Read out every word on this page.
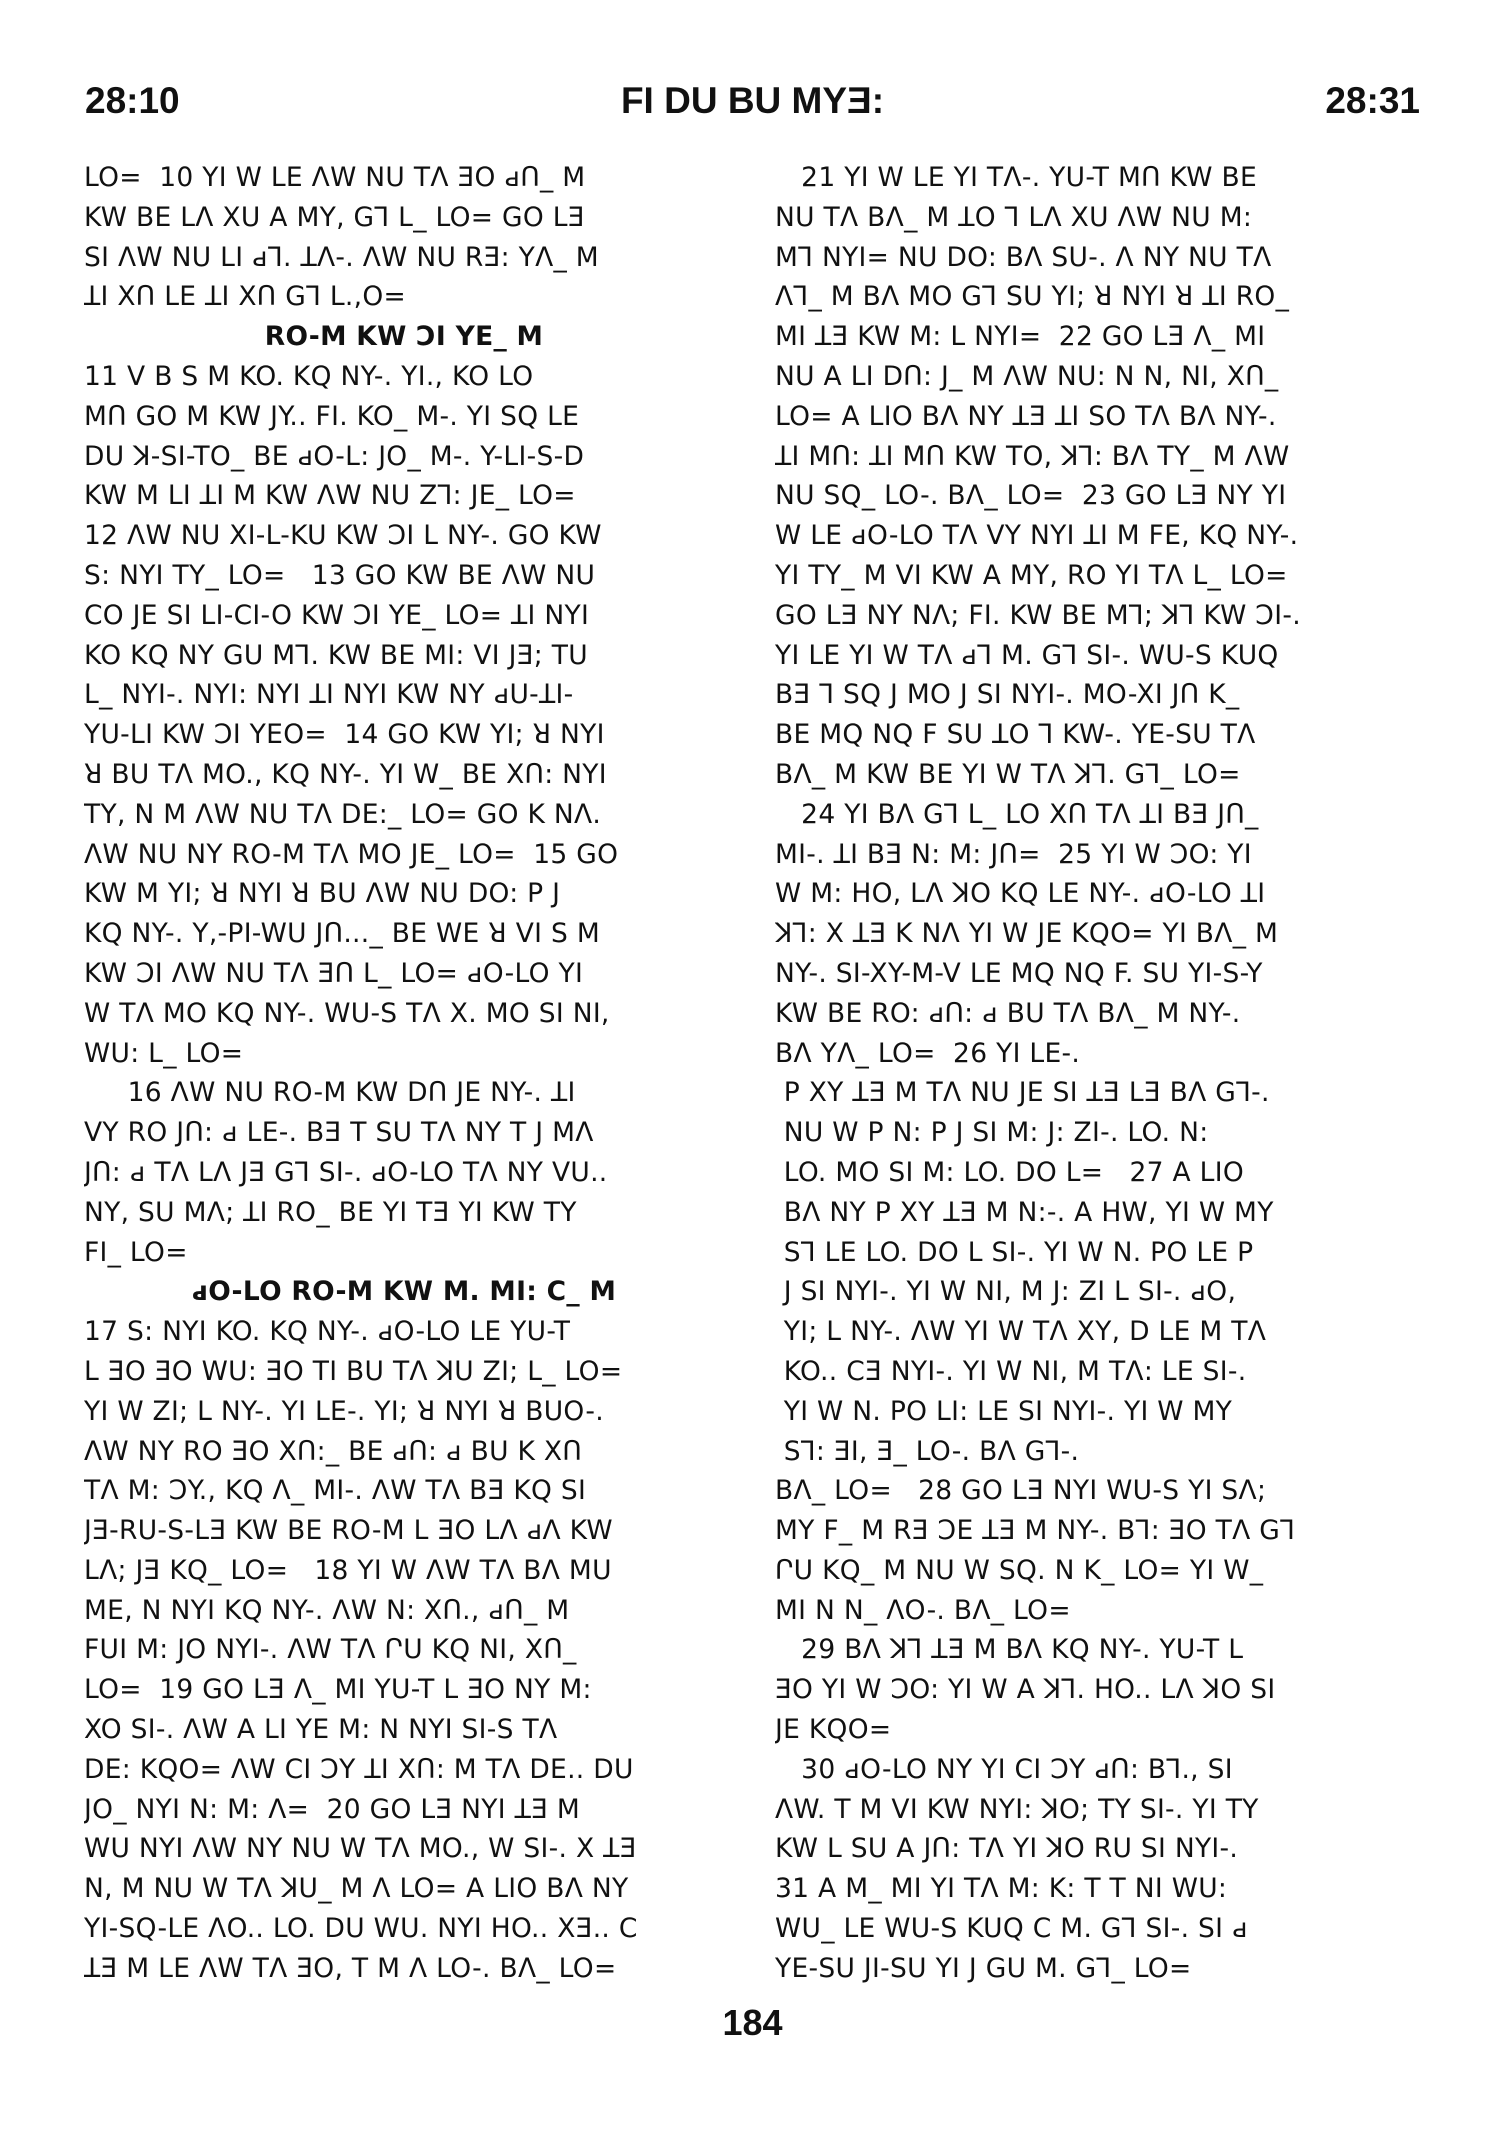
28:10	FI DU BU MYƎ:	28:31
LO=  10 YI W LE ɅW NU TɅ ƎO ԁՈ_ M
KW BE LɅ XU A MY, Gꓶ L_ LO= GO LƎ
SI ɅW NU LI ԁꓶ. ꓕɅ-. ɅW NU RƎ: YɅ_ M
ꓕI XՈ LE ꓕI XՈ Gꓶ L.,O=
RO-M KW ƆI YE_ M
11 V B S M KO. KQ NY-. YI., KO LO
MՈ GO M KW JY.. FI. KO_ M-. YI SQ LE
DU ꓘ-SI-TO_ BE ԁO-L: JO_ M-. Y-LI-S-D
KW M LI ꓕI M KW ɅW NU Zꓶ: JE_ LO=
12 ɅW NU XI-L-KU KW ƆI L NY-. GO KW
S: NYI TY_ LO=   13 GO KW BE ɅW NU
CO JE SI LI-CI-O KW ƆI YE_ LO= ꓕI NYI
KO KQ NY GU Mꓶ. KW BE MI: VI JƎ; TU
L_ NYI-. NYI: NYI ꓕI NYI KW NY ԁU-ꓕI-
YU-LI KW ƆI YEO=  14 GO KW YI; ꓤ NYI
ꓤ BU TɅ MO., KQ NY-. YI W_ BE XՈ: NYI
TY, N M ɅW NU TɅ DE:_ LO= GO K NɅ.
ɅW NU NY RO-M TɅ MO JE_ LO=  15 GO
KW M YI; ꓤ NYI ꓤ BU ɅW NU DO: P J
KQ NY-. Y,-PI-WU JՈ..._ BE WE ꓤ VI S M
KW ƆI ɅW NU TɅ ƎՈ L_ LO= ԁO-LO YI
W TɅ MO KQ NY-. WU-S TɅ X. MO SI NI,
WU: L_ LO=
16 ɅW NU RO-M KW DՈ JE NY-. ꓕI
VY RO JՈ: ԁ LE-. BƎ T SU TɅ NY T J MɅ
JՈ: ԁ TɅ LɅ JƎ Gꓶ SI-. ԁO-LO TɅ NY VU..
NY, SU MɅ; ꓕI RO_ BE YI TƎ YI KW TY
FI_ LO=
ԁO-LO RO-M KW M. MI: C_ M
17 S: NYI KO. KQ NY-. ԁO-LO LE YU-T
L ƎO ƎO WU: ƎO TI BU TɅ ꓘU ZI; L_ LO=
YI W ZI; L NY-. YI LE-. YI; ꓤ NYI ꓤ BUO-.
ɅW NY RO ƎO XՈ:_ BE ԁՈ: ԁ BU K XՈ
TɅ M: ƆY., KQ Ʌ_ MI-. ɅW TɅ BƎ KQ SI
JƎ-RU-S-LƎ KW BE RO-M L ƎO LɅ ԁɅ KW
LɅ; JƎ KQ_ LO=   18 YI W ɅW TɅ BɅ MU
ME, N NYI KQ NY-. ɅW N: XՈ., ԁՈ_ M
FUI M: JO NYI-. ɅW TɅ ՐU KQ NI, XՈ_
LO=  19 GO LƎ Ʌ_ MI YU-T L ƎO NY M:
XO SI-. ɅW A LI YE M: N NYI SI-S TɅ
DE: KQO= ɅW CI ƆY ꓕI XՈ: M TɅ DE.. DU
JO_ NYI N: M: Ʌ=  20 GO LƎ NYI ꓕƎ M
WU NYI ɅW NY NU W TɅ MO., W SI-. X ꓕƎ
N, M NU W TɅ ꓘU_ M Ʌ LO= A LIO BɅ NY
YI-SQ-LE ɅO.. LO. DU WU. NYI HO.. XƎ.. C
ꓕƎ M LE ɅW TɅ ƎO, T M Ʌ LO-. BɅ_ LO=
21 YI W LE YI TɅ-. YU-T MՈ KW BE
NU TɅ BɅ_ M ꓕO ꓶ LɅ XU ɅW NU M:
Mꓶ NYI= NU DO: BɅ SU-. Ʌ NY NU TɅ
Ʌꓶ_ M BɅ MO Gꓶ SU YI; ꓤ NYI ꓤ ꓕI RO_
MI ꓕƎ KW M: L NYI=  22 GO LƎ Ʌ_ MI
NU A LI DՈ: J_ M ɅW NU: N N, NI, XՈ_
LO= A LIO BɅ NY ꓕƎ ꓕI SO TɅ BɅ NY-.
ꓕI MՈ: ꓕI MՈ KW TO, ꓘꓶ: BɅ TY_ M ɅW
NU SQ_ LO-. BɅ_ LO=  23 GO LƎ NY YI
W LE ԁO-LO TɅ VY NYI ꓕI M FE, KQ NY-.
YI TY_ M VI KW A MY, RO YI TɅ L_ LO=
GO LƎ NY NɅ; FI. KW BE Mꓶ; ꓘꓶ KW ƆI-.
YI LE YI W TɅ ԁꓶ M. Gꓶ SI-. WU-S KUQ
BƎ ꓶ SQ J MO J SI NYI-. MO-XI JՈ K_
BE MQ NQ F SU ꓕO ꓶ KW-. YE-SU TɅ
BɅ_ M KW BE YI W TɅ ꓘꓶ. Gꓶ_ LO=
24 YI BɅ Gꓶ L_ LO XՈ TɅ ꓕI BƎ JՈ_
MI-. ꓕI BƎ N: M: JՈ=  25 YI W ƆO: YI
W M: HO, LɅ ꓘO KQ LE NY-. ԁO-LO ꓕI
ꓘꓶ: X ꓕƎ K NɅ YI W JE KQO= YI BɅ_ M
NY-. SI-XY-M-V LE MQ NQ F. SU YI-S-Y
KW BE RO: ԁՈ: ԁ BU TɅ BɅ_ M NY-.
BɅ YɅ_ LO=  26 YI LE-.
P XY ꓕƎ M TɅ NU JE SI ꓕƎ LƎ BɅ Gꓶ-.
NU W P N: P J SI M: J: ZI-. LO. N:
LO. MO SI M: LO. DO L=   27 A LIO
BɅ NY P XY ꓕƎ M N:-. A HW, YI W MY
Sꓶ LE LO. DO L SI-. YI W N. PO LE P
J SI NYI-. YI W NI, M J: ZI L SI-. ԁO,
YI; L NY-. ɅW YI W TɅ XY, D LE M TɅ
KO.. CƎ NYI-. YI W NI, M TɅ: LE SI-.
YI W N. PO LI: LE SI NYI-. YI W MY
Sꓶ: ƎI, Ǝ_ LO-. BɅ Gꓶ-.
BɅ_ LO=   28 GO LƎ NYI WU-S YI SɅ;
MY F_ M RƎ ƆE ꓕƎ M NY-. Bꓶ: ƎO TɅ Gꓶ
ՐU KQ_ M NU W SQ. N K_ LO= YI W_
MI N N_ ɅO-. BɅ_ LO=
29 BɅ ꓘꓶ ꓕƎ M BɅ KQ NY-. YU-T L
ƎO YI W ƆO: YI W A ꓘꓶ. HO.. LɅ ꓘO SI
JE KQO=
30 ԁO-LO NY YI CI ƆY ԁՈ: Bꓶ., SI
ɅW. T M VI KW NYI: ꓘO; TY SI-. YI TY
KW L SU A JՈ: TɅ YI ꓘO RU SI NYI-.
31 A M_ MI YI TɅ M: K: T T NI WU:
WU_ LE WU-S KUQ C M. Gꓶ SI-. SI ԁ
YE-SU JI-SU YI J GU M. Gꓶ_ LO=
184
